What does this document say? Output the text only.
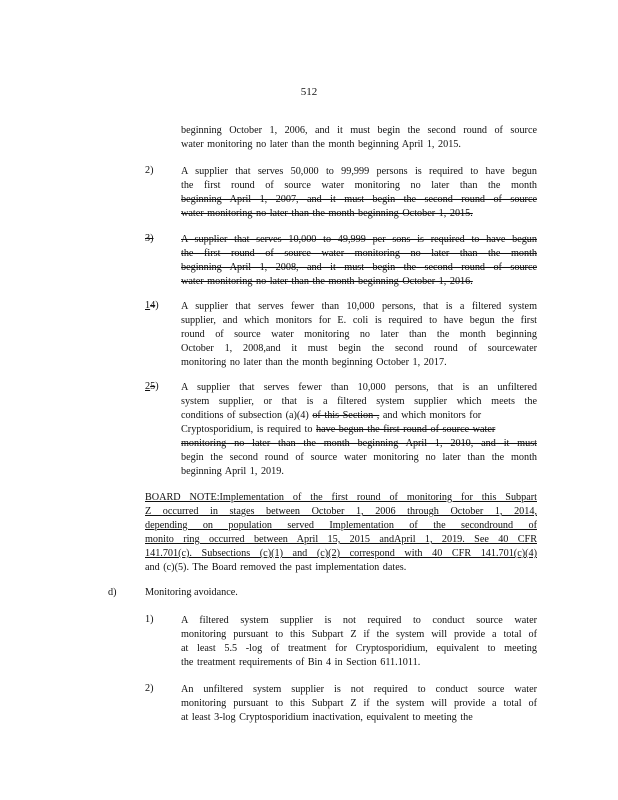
512
beginning October 1, 2006, and it must begin the second round of source
water monitoring no later than the month beginning April 1, 2015.
2)	A supplier that serves 50,000 to 99,999 persons is required to have begun
the first round of source water monitoring no later than the month
beginning April 1, 2007, and it must begin the second round of source
water monitoring no later than the month beginning October 1, 2015.
3)	A supplier that serves 10,000 to 49,999 per sons is required to have begun
the first round of source water monitoring no later than the month
beginning April 1, 2008, and it must begin the second round of source
water monitoring no later than the month beginning October 1, 2016.
14) A supplier that serves fewer than 10,000 persons, that is a filtered system
supplier, and which monitors for E. coli is required to have begun the first
round of source water monitoring no later than the month beginning
October 1, 2008,and it must begin the second round of sourcewater
monitoring no later than the month beginning October 1, 2017.
25) A supplier that serves fewer than 10,000 persons, that is an unfiltered
system supplier, or that is a filtered system supplier which meets the
conditions of subsection (a)(4) of this Section , and which monitors for
Cryptosporidium, is required to have begun the first round of source water
monitoring no later than the month beginning April 1, 2010, and it must
begin the second round of source water monitoring no later than the month
beginning April 1, 2019.
BOARD NOTE:Implementation of the first round of monitoring for this Subpart
Z occurred in stages between October 1, 2006 through October 1, 2014,
depending on population served Implementation of the secondround of
monito ring occurred between April 15, 2015 andApril 1, 2019. See 40 CFR
141.701(c). Subsections (c)(1) and (c)(2) correspond with 40 CFR 141.701(c)(4)
and (c)(5). The Board removed the past implementation dates.
d)	Monitoring avoidance.
1)	A filtered system supplier is not required to conduct source water
monitoring pursuant to this Subpart Z if the system will provide a total of
at least 5.5 -log of treatment for Cryptosporidium, equivalent to meeting
the treatment requirements of Bin 4 in Section 611.1011.
2)	An unfiltered system supplier is not required to conduct source water
monitoring pursuant to this Subpart Z if the system will provide a total of
at least 3-log Cryptosporidium inactivation, equivalent to meeting the
